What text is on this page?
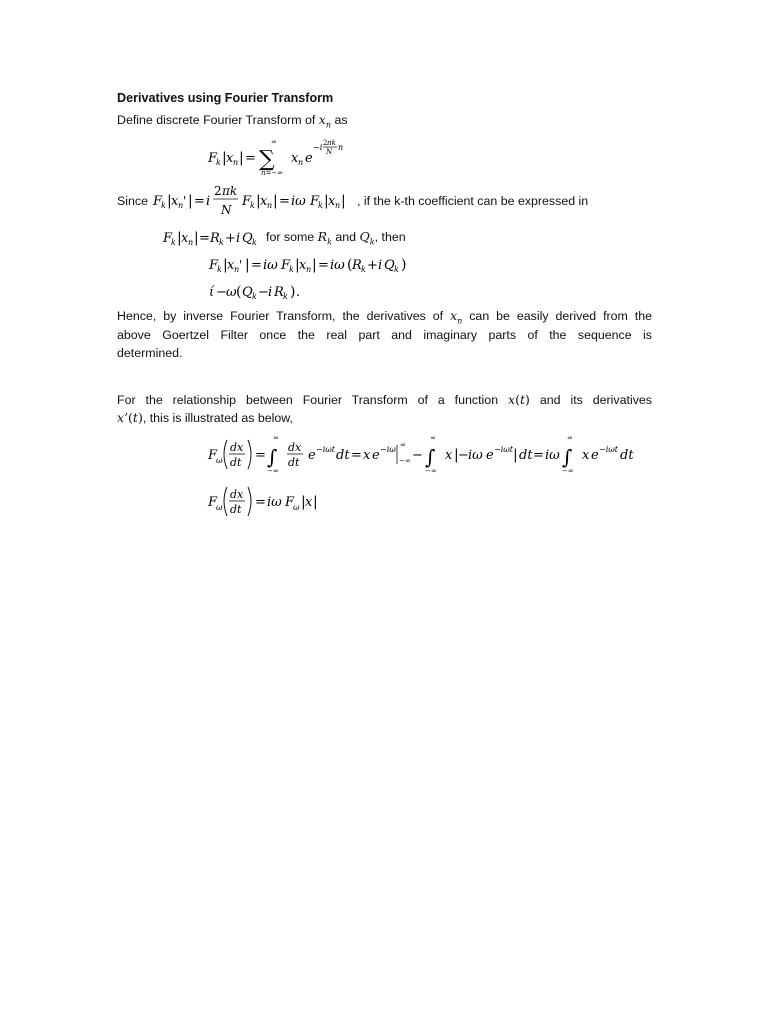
Derivatives using Fourier Transform
Define discrete Fourier Transform of $x_n$ as
F
k | x n | =
∞
∑
n=−∞
x n e
−i 2 πk
N n
Since F
k | x n ' | = i
2 πk
N
F
k | x n | = iω F
k | x n | , if the k-th coefficient can be expressed in
F
k | x n | = R k + i Q k for some $R_k$ and $Q_k$, then
F
k | x n ' | = iω F
k | x n | = iω ( R k + i Q k )
ί − ω ( Q k − i R k ) .
Hence, by inverse Fourier Transform, the derivatives of $x_n$ can be easily derived from the
above Goertzel Filter once the real part and imaginary parts of the sequence is
determined.
For the relationship between Fourier Transform of a function x(t) and its derivatives
x’(t), this is illustrated as below,
F
ω
dx
dt =
∞
∫
−∞
dx
dt e −iωt dt = x e −iω ∞
−∞ −
∞
∫
−∞
x | − iω e −iωt | dt = iω
∞
∫
−∞
x e −iωt dt
F
ω
dx
dt = iω F
ω | x |
